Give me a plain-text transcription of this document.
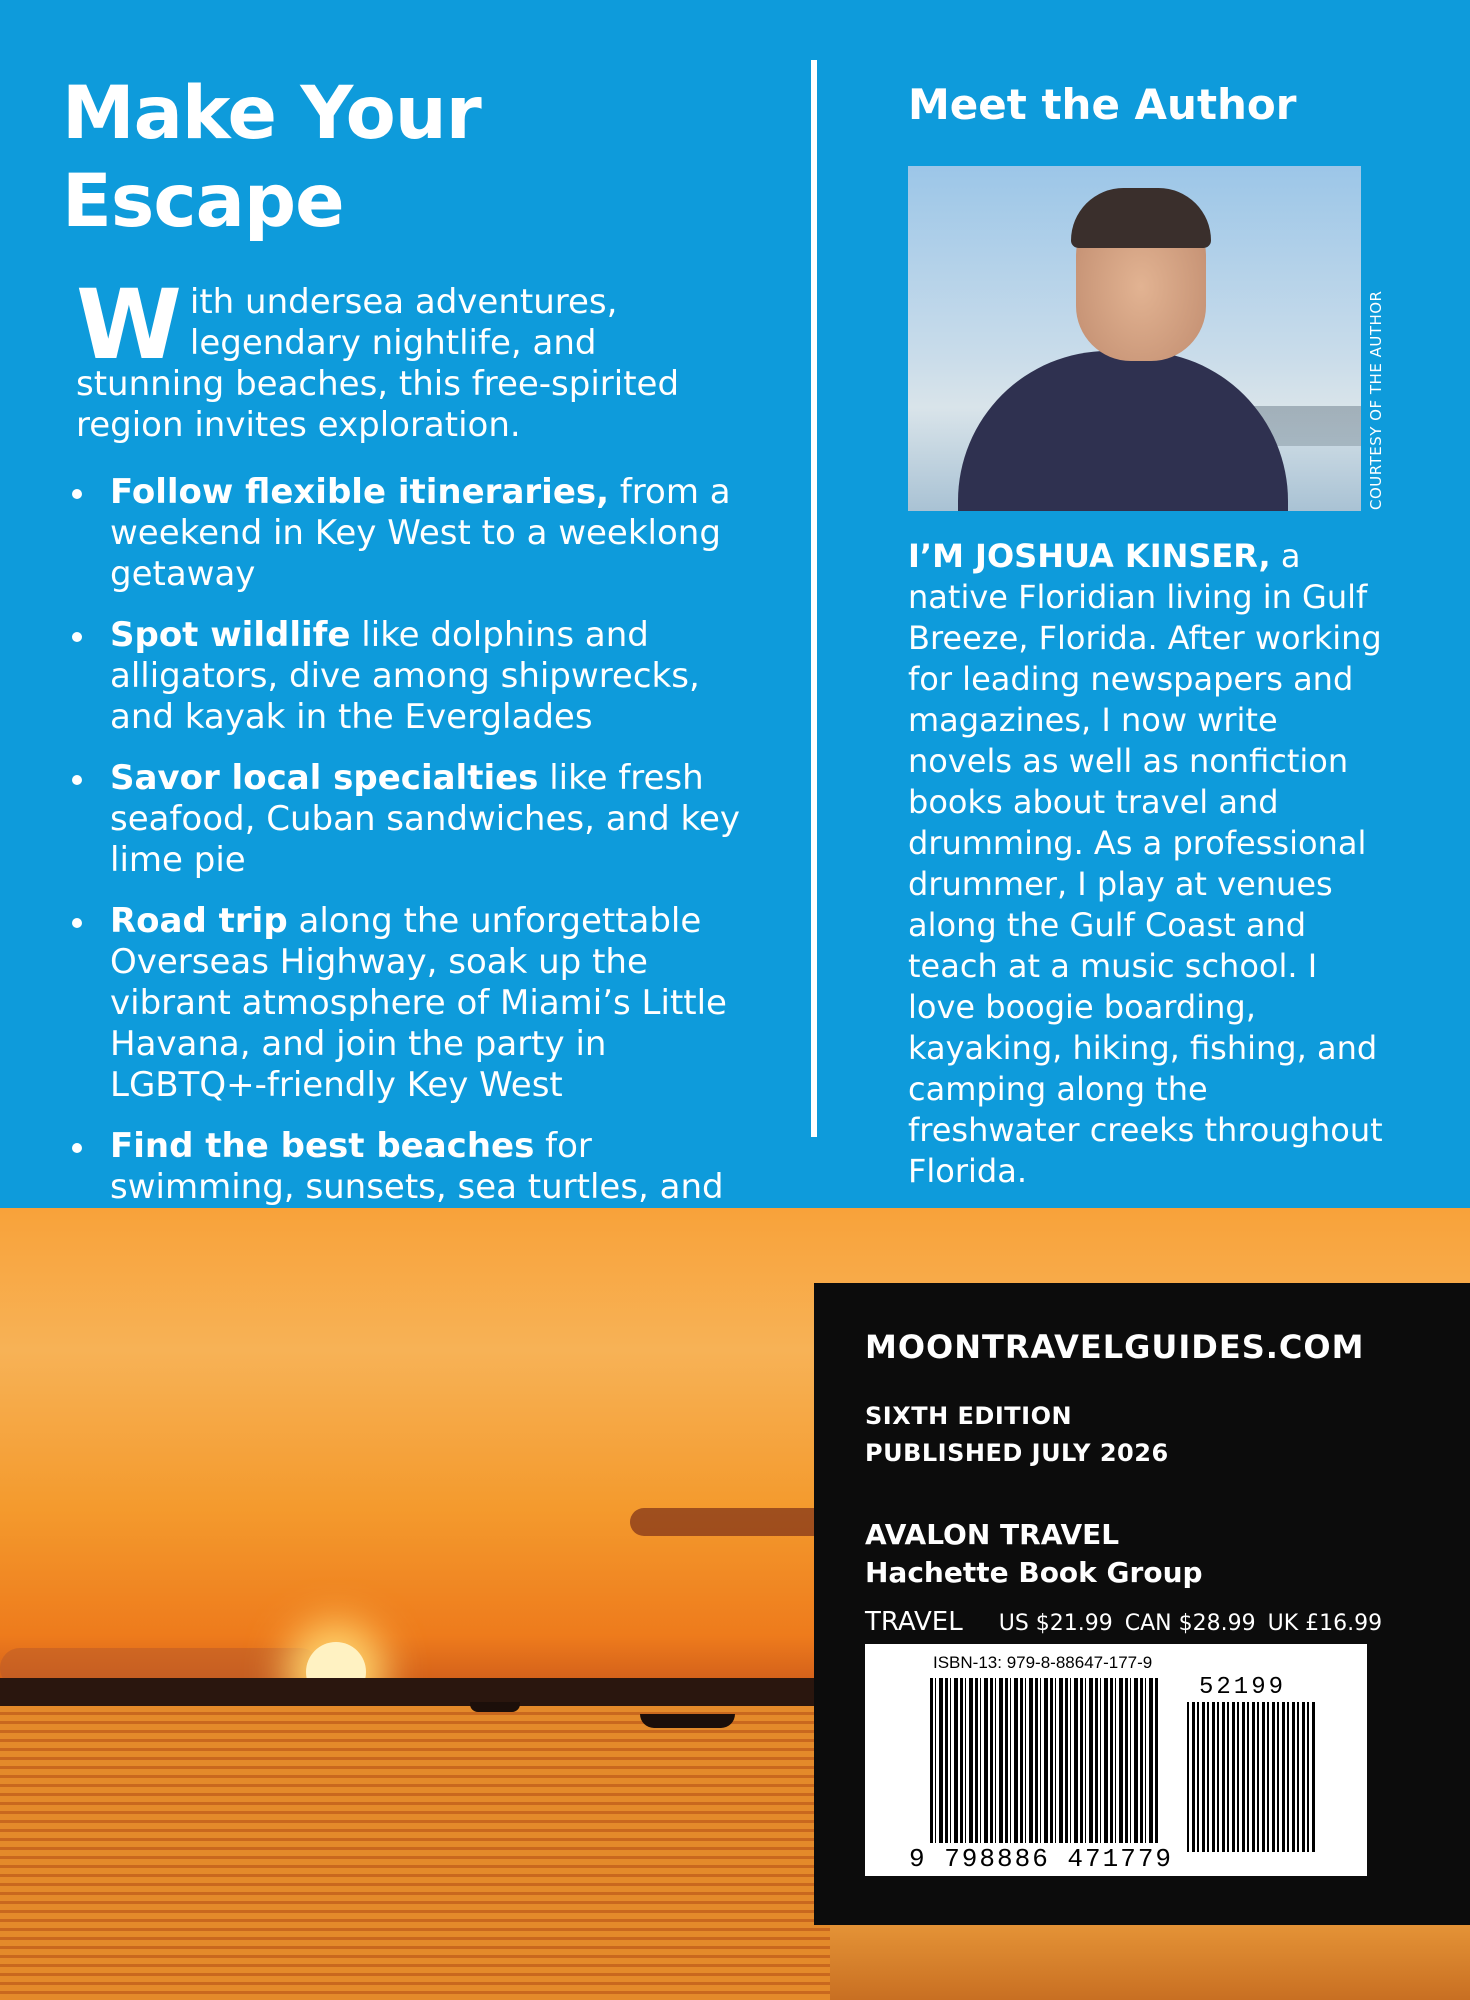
Make Your Escape

With undersea adventures, legendary nightlife, and stunning beaches, this free-spirited region invites exploration.

Follow flexible itineraries, from a weekend in Key West to a weeklong getaway
Spot wildlife like dolphins and alligators, dive among shipwrecks, and kayak in the Everglades
Savor local specialties like fresh seafood, Cuban sandwiches, and key lime pie
Road trip along the unforgettable Overseas Highway, soak up the vibrant atmosphere of Miami’s Little Havana, and join the party in LGBTQ+-friendly Key West
Find the best beaches for swimming, sunsets, sea turtles, and
Meet the Author
COURTESY OF THE AUTHOR

I’M JOSHUA KINSER, a native Floridian living in Gulf Breeze, Florida. After working for leading newspapers and magazines, I now write novels as well as nonfiction books about travel and drumming. As a professional drummer, I play at venues along the Gulf Coast and teach at a music school. I love boogie boarding, kayaking, hiking, fishing, and camping along the freshwater creeks throughout Florida.

MOONTRAVELGUIDES.COM
SIXTH EDITION
PUBLISHED JULY 2026
AVALON TRAVEL
Hachette Book Group
TRAVEL US $21.99 CAN $28.99 UK £16.99
ISBN-13: 979-8-88647-177-9
52199
9 798886 471779
